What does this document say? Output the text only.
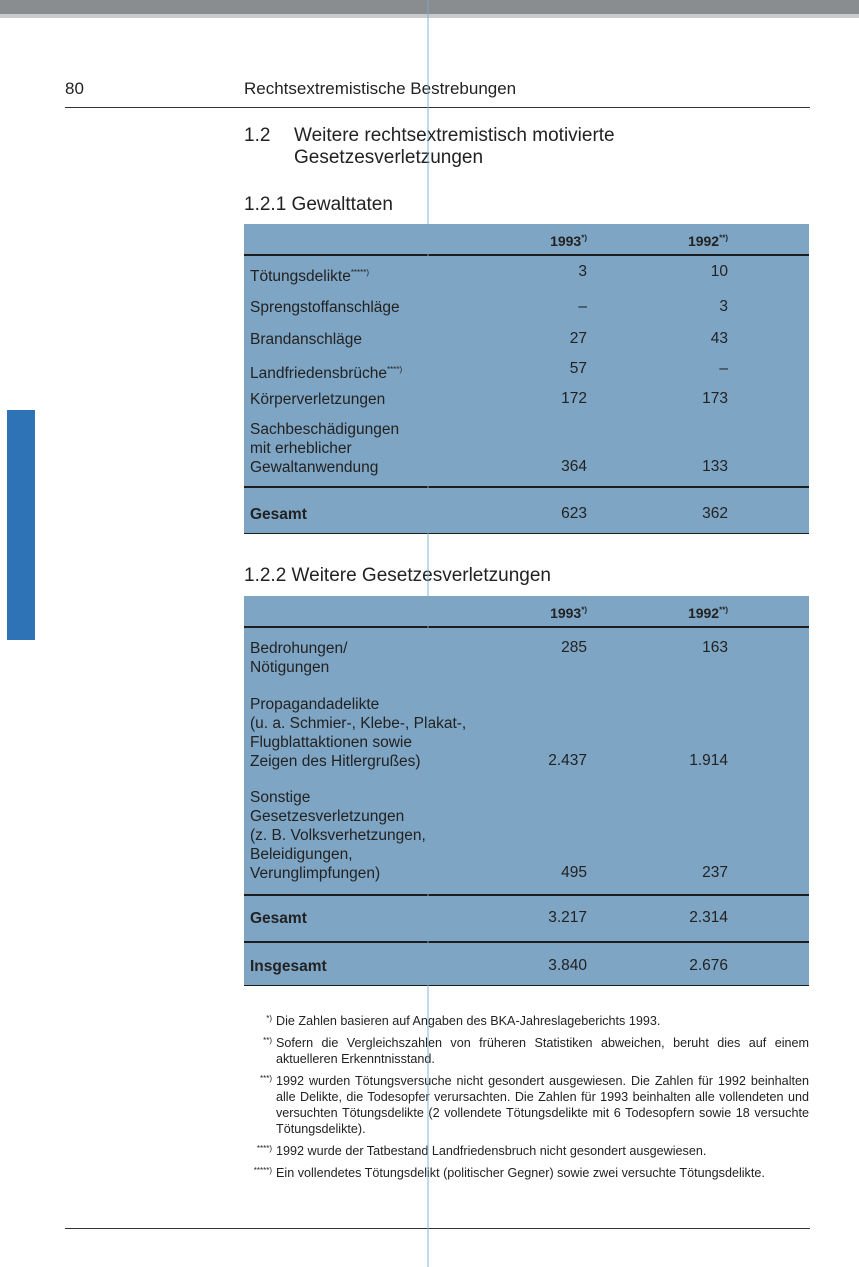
80	Rechtsextremistische Bestrebungen
1.2 Weitere rechtsextremistisch motivierte
Gesetzesverletzungen
1.2.1 Gewalttaten
1993*)	1992**)
Tötungsdelikte*****)	3	10
Sprengstoffanschläge	–	3
Brandanschläge	27	43
Landfriedensbrüche****)	57	–
Körperverletzungen	172	173
Sachbeschädigungen
mit erheblicher
Gewaltanwendung	364	133
Gesamt	623	362
1.2.2 Weitere Gesetzesverletzungen
1993*)	1992**)
Bedrohungen/
Nötigungen
285	163
Propagandadelikte
(u. a. Schmier-, Klebe-, Plakat-,
Flugblattaktionen sowie
Zeigen des Hitlergrußes)	2.437	1.914
Sonstige
Gesetzesverletzungen
(z. B. Volksverhetzungen,
Beleidigungen,
Verunglimpfungen)	495	237
Gesamt	3.217	2.314
Insgesamt	3.840	2.676
*) Die Zahlen basieren auf Angaben des BKA-Jahreslageberichts 1993.
**) Sofern die Vergleichszahlen von früheren Statistiken abweichen, beruht dies auf einem aktuelleren Erkenntnisstand.
***) 1992 wurden Tötungsversuche nicht gesondert ausgewiesen. Die Zahlen für 1992 beinhalten alle Delikte, die Todesopfer verursachten. Die Zahlen für 1993 beinhalten alle vollendeten und versuchten Tötungsdelikte (2 vollendete Tötungsdelikte mit 6 Todesopfern sowie 18 versuchte Tötungsdelikte).
****) 1992 wurde der Tatbestand Landfriedensbruch nicht gesondert ausgewiesen.
*****) Ein vollendetes Tötungsdelikt (politischer Gegner) sowie zwei versuchte Tötungsdelikte.
